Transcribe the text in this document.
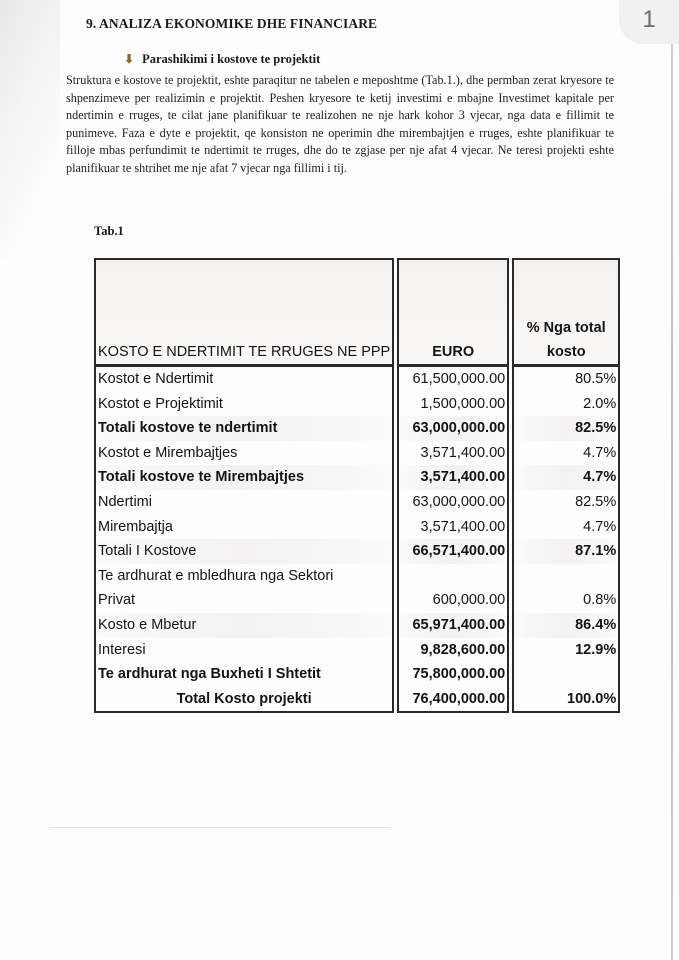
1
9. ANALIZA EKONOMIKE DHE FINANCIARE
⬇ Parashikimi i kostove te projektit
Struktura e kostove te projektit, eshte paraqitur ne tabelen e meposhtme (Tab.1.), dhe permban zerat kryesore te shpenzimeve per realizimin e projektit. Peshen kryesore te ketij investimi e mbajne Investimet kapitale per ndertimin e rruges, te cilat jane planifikuar te realizohen ne nje hark kohor 3 vjecar, nga data e fillimit te punimeve. Faza e dyte e projektit, qe konsiston ne operimin dhe mirembajtjen e rruges, eshte planifikuar te filloje mbas perfundimit te ndertimit te rruges, dhe do te zgjase per nje afat 4 vjecar. Ne teresi projekti eshte planifikuar te shtrihet me nje afat 7 vjecar nga fillimi i tij.
Tab.1
KOSTO E NDERTIMIT TE RRUGES NE PPP		EURO		% Nga total
kosto
Kostot e Ndertimit		61,500,000.00		80.5%
Kostot e Projektimit		1,500,000.00		2.0%
Totali kostove te ndertimit		63,000,000.00		82.5%
Kostot e Mirembajtjes		3,571,400.00		4.7%
Totali kostove te Mirembajtjes		3,571,400.00		4.7%
Ndertimi		63,000,000.00		82.5%
Mirembajtja		3,571,400.00		4.7%
Totali I Kostove		66,571,400.00		87.1%
Te ardhurat e mbledhura nga Sektori				
Privat		600,000.00		0.8%
Kosto e Mbetur		65,971,400.00		86.4%
Interesi		9,828,600.00		12.9%
Te ardhurat nga Buxheti I Shtetit		75,800,000.00		
Total Kosto projekti		76,400,000.00		100.0%
